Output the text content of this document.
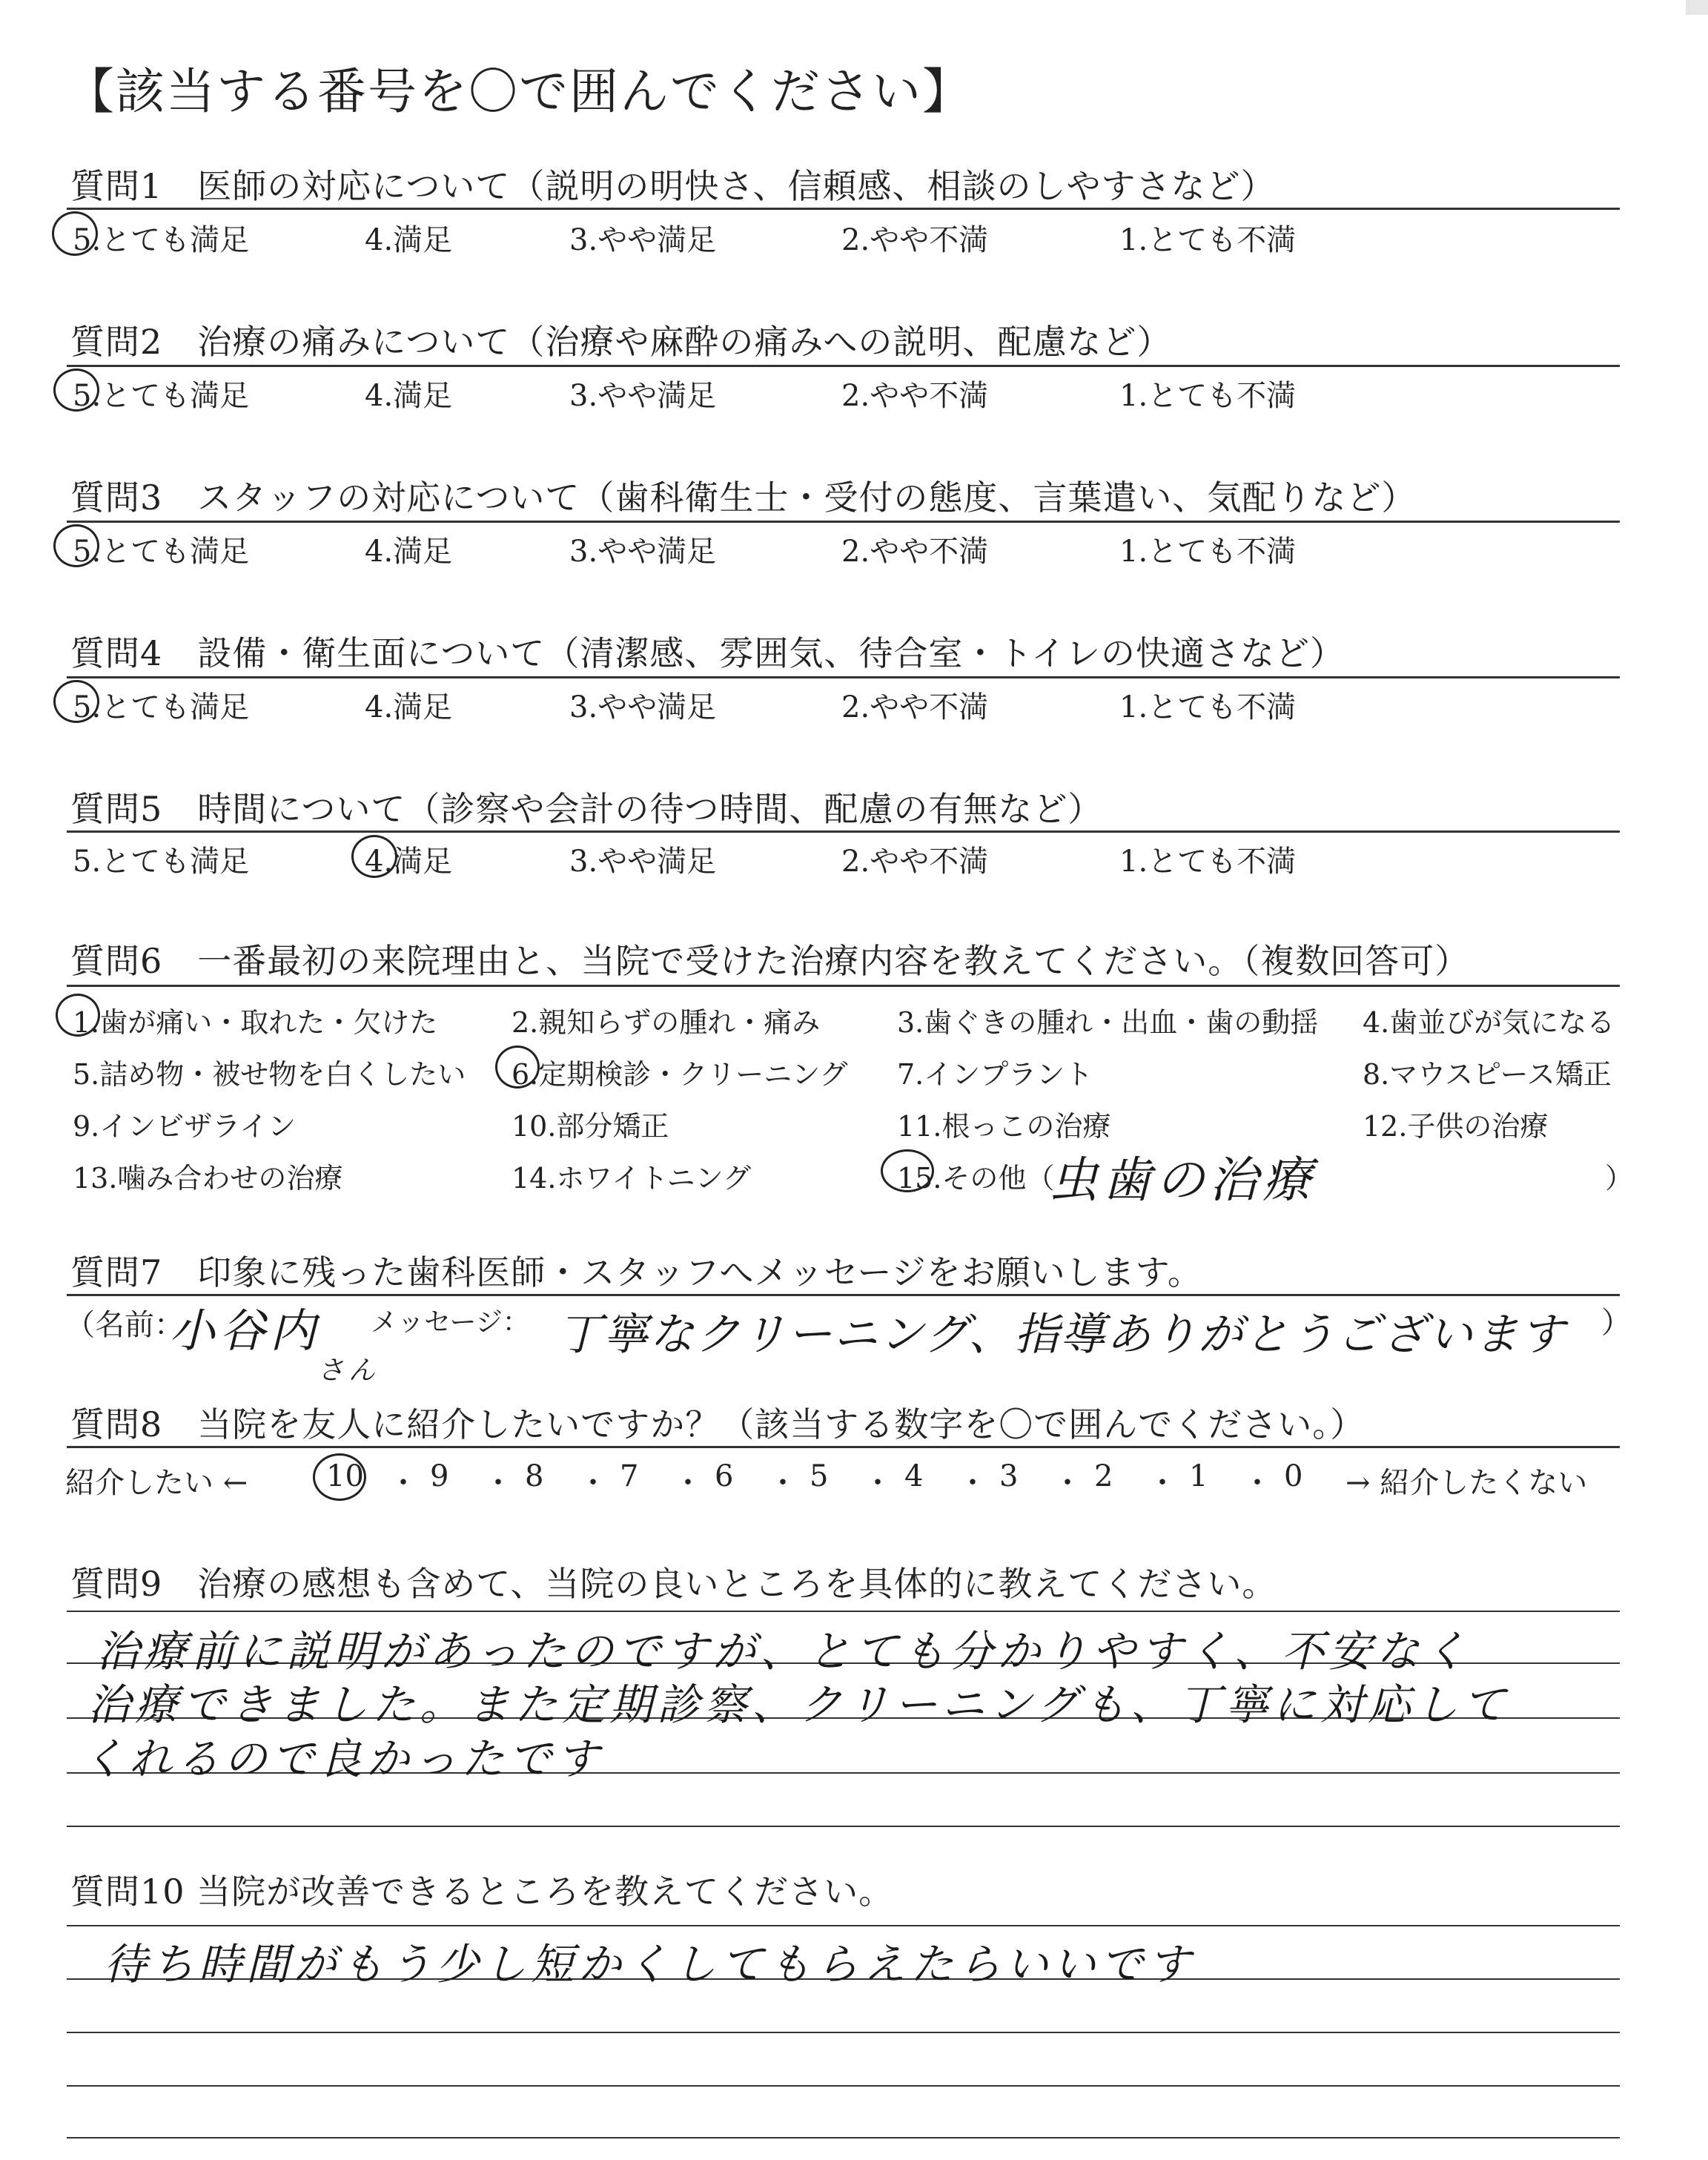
【該当する番号を〇で囲んでください】
質問1　医師の対応について（説明の明快さ、信頼感、相談のしやすさなど）
5.とても満足	4.満足	3.やや満足	2.やや不満	1.とても不満
質問2　治療の痛みについて（治療や麻酔の痛みへの説明、配慮など）
5.とても満足	4.満足	3.やや満足	2.やや不満	1.とても不満
質問3　スタッフの対応について（歯科衛生士・受付の態度、言葉遣い、気配りなど）
5.とても満足	4.満足	3.やや満足	2.やや不満	1.とても不満
質問4　設備・衛生面について（清潔感、雰囲気、待合室・トイレの快適さなど）
5.とても満足	4.満足	3.やや満足	2.やや不満	1.とても不満
質問5　時間について（診察や会計の待つ時間、配慮の有無など）
5.とても満足	4.満足	3.やや満足	2.やや不満	1.とても不満
質問6　一番最初の来院理由と、当院で受けた治療内容を教えてください。（複数回答可）
1.歯が痛い・取れた・欠けた	2.親知らずの腫れ・痛み	3.歯ぐきの腫れ・出血・歯の動揺 4.歯並びが気になる
5.詰め物・被せ物を白くしたい 6.定期検診・クリーニング 7.インプラント	8.マウスピース矯正
9.インビザライン	10.部分矯正	11.根っこの治療	12.子供の治療
13.噛み合わせの治療	14.ホワイトニング	15.その他（
虫歯の治療	）
質問7　印象に残った歯科医師・スタッフへメッセージをお願いします。
（名前：
小谷内
さん
メッセージ： 丁寧なクリーニング、指導ありがとうございます ）
質問8　当院を友人に紹介したいですか？（該当する数字を〇で囲んでください。）
紹介したい ←	10 ・ 9 ・ 8 ・ 7 ・ 6 ・ 5 ・ 4 ・ 3 ・ 2 ・ 1 ・ 0 → 紹介したくない
質問9　治療の感想も含めて、当院の良いところを具体的に教えてください。
治療前に説明があったのですが、とても分かりやすく、不安なく
治療できました。また定期診察、クリーニングも、丁寧に対応して
くれるので良かったです
質問10 当院が改善できるところを教えてください。
待ち時間がもう少し短かくしてもらえたらいいです
